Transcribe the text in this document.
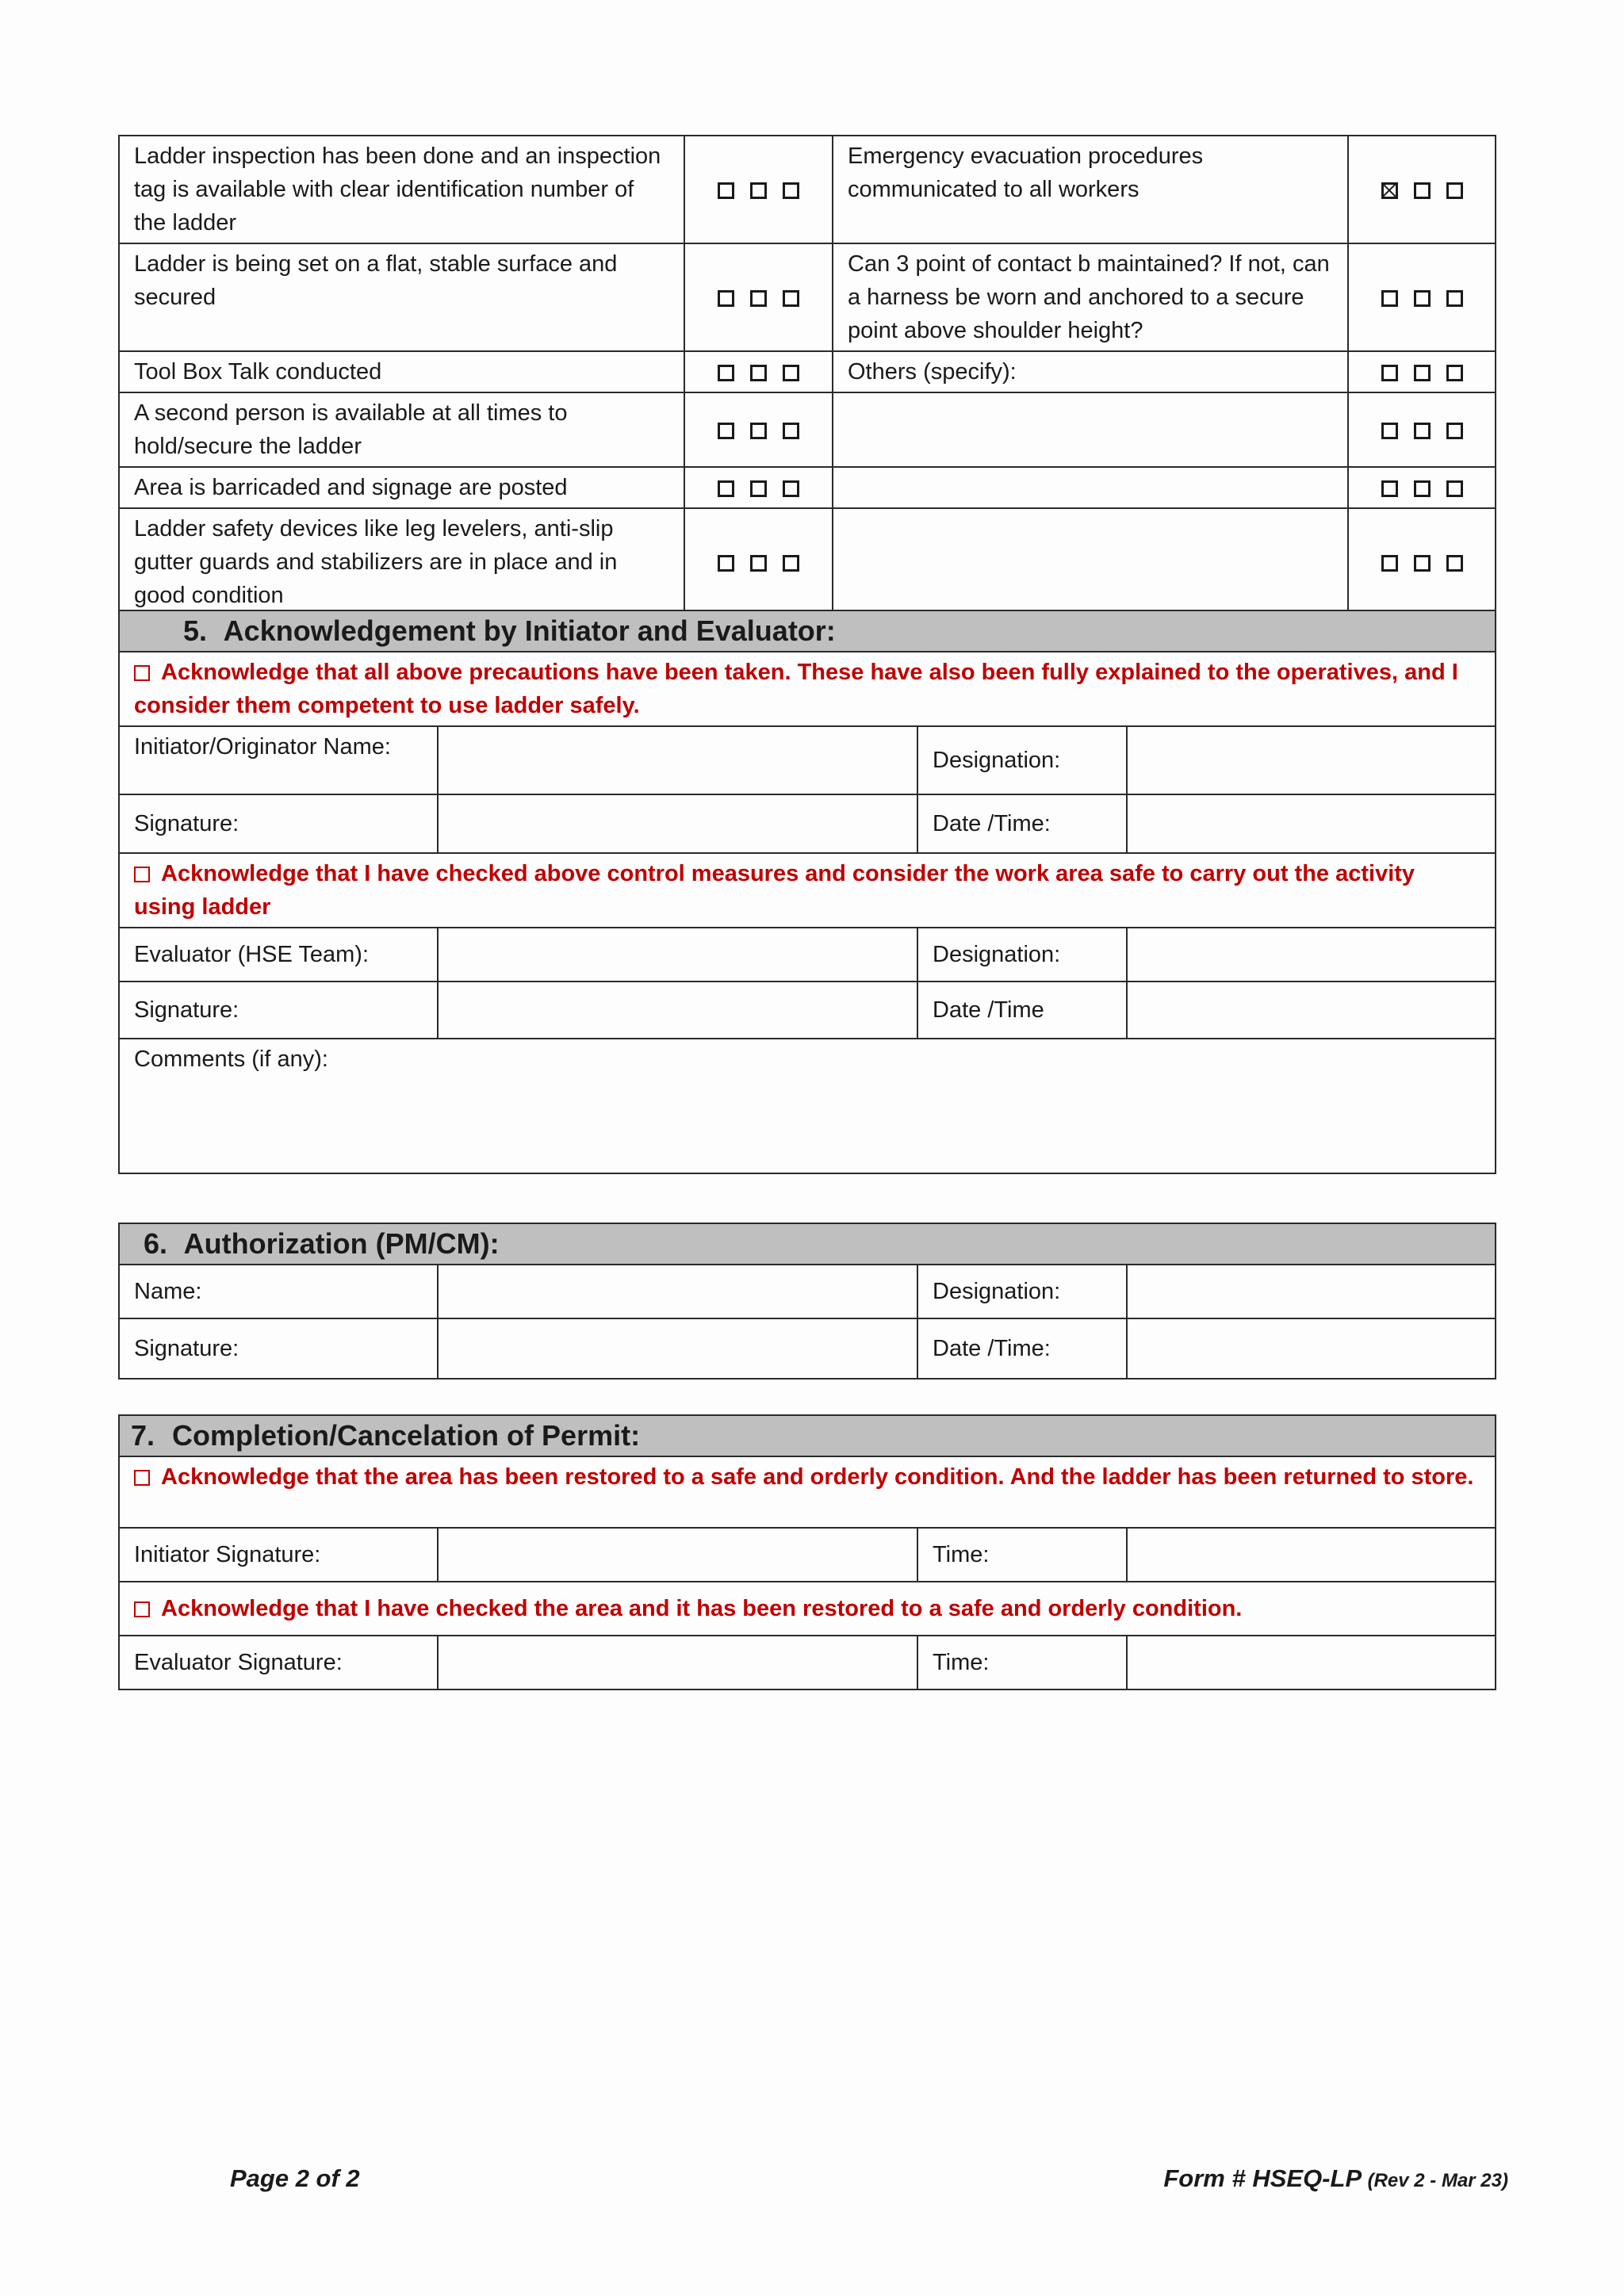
Ladder inspection has been done and an inspection tag is available with clear identification number of the ladder		Emergency evacuation procedures communicated to all workers	
Ladder is being set on a flat, stable surface and secured		Can 3 point of contact b maintained? If not, can a harness be worn and anchored to a secure point above shoulder height?	
Tool Box Talk conducted		Others (specify):	
A second person is available at all times to hold/secure the ladder			
Area is barricaded and signage are posted			
Ladder safety devices like leg levelers, anti-slip gutter guards and stabilizers are in place and in good condition			
5. Acknowledgement by Initiator and Evaluator:			
Acknowledge that all above precautions have been taken. These have also been fully explained to the operatives, and I consider them competent to use ladder safely.			
Initiator/Originator Name:		Designation:	
Signature:		Date /Time:	
Acknowledge that I have checked above control measures and consider the work area safe to carry out the activity using ladder			
Evaluator (HSE Team):		Designation:	
Signature:		Date /Time	
Comments (if any):			
6. Authorization (PM/CM):			
Name:		Designation:	
Signature:		Date /Time:	
7. Completion/Cancelation of Permit:			
Acknowledge that the area has been restored to a safe and orderly condition. And the ladder has been returned to store.			
Initiator Signature:		Time:	
Acknowledge that I have checked the area and it has been restored to a safe and orderly condition.			
Evaluator Signature:		Time:	
Page 2 of 2	Form # HSEQ-LP (Rev 2 - Mar 23)
